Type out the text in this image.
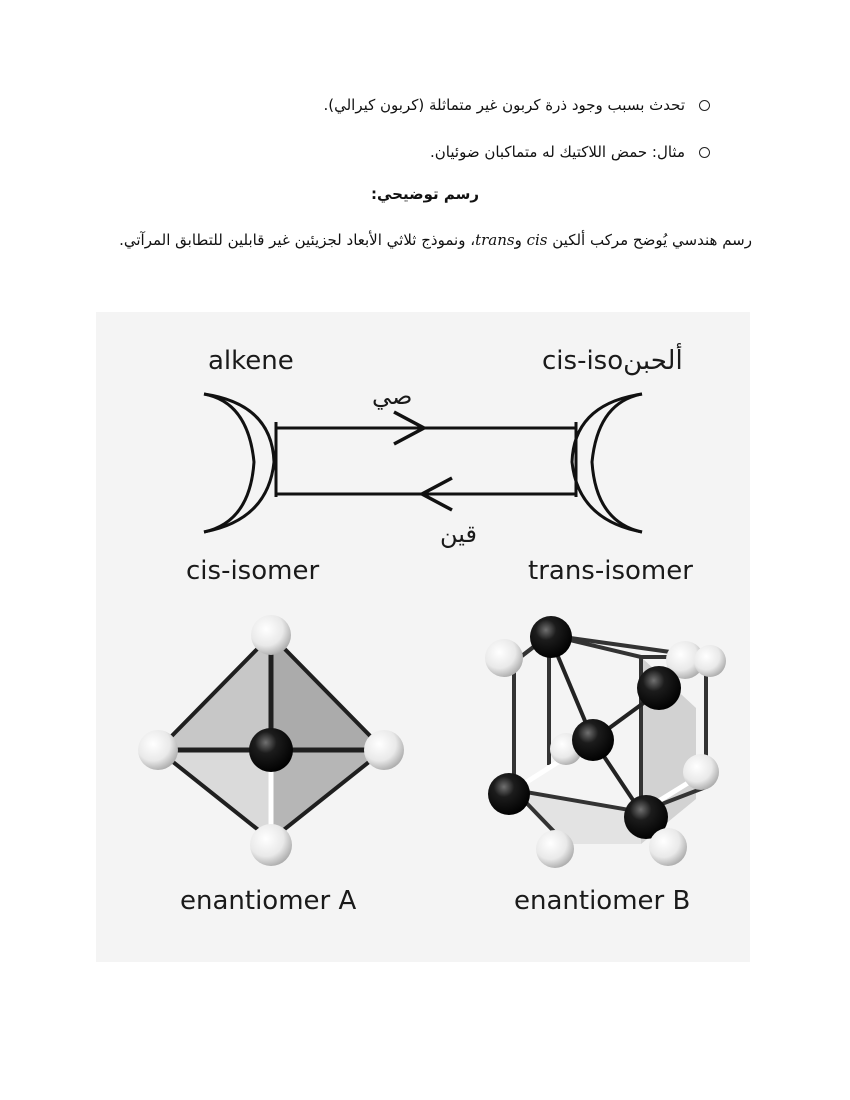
تحدث بسبب وجود ذرة كربون غير متماثلة (كربون كيرالي).
مثال: حمض اللاكتيك له متماكبان ضوئيان.
رسم توضيحي:
رسم هندسي يُوضح مركب ألكين cis وtrans، ونموذج ثلاثي الأبعاد لجزيئين غير قابلين للتطابق المرآتي.
alkene	cis-isoألحبن
صي
قين
cis-isomer	trans-isomer
enantiomer A	enantiomer B
